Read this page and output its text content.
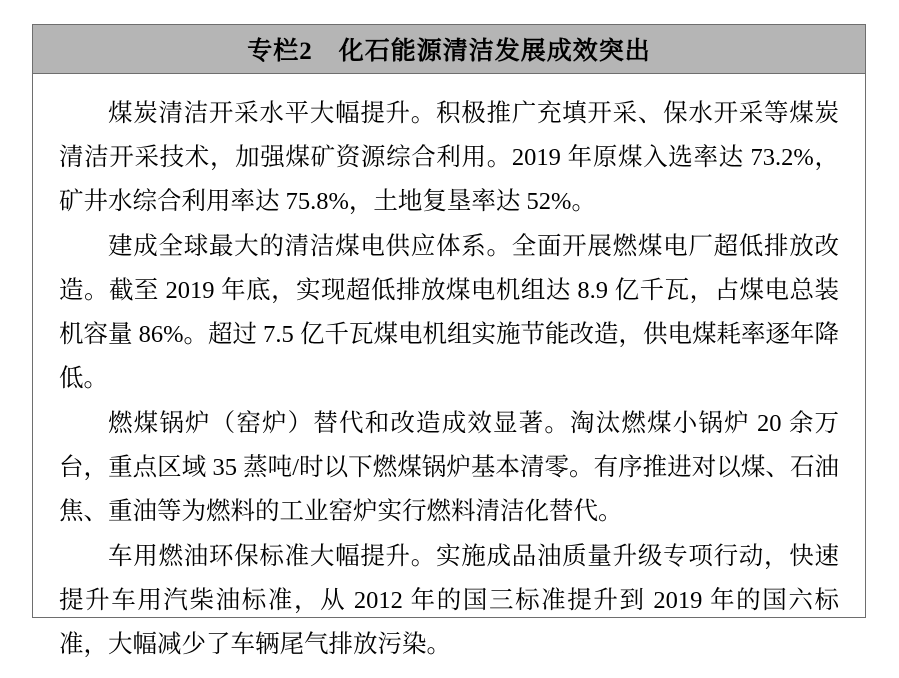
专栏2 化石能源清洁发展成效突出

煤炭清洁开采水平大幅提升。积极推广充填开采、保水开采等煤炭清洁开采技术，加强煤矿资源综合利用。2019 年原煤入选率达 73.2%，矿井水综合利用率达 75.8%，土地复垦率达 52%。

建成全球最大的清洁煤电供应体系。全面开展燃煤电厂超低排放改造。截至 2019 年底，实现超低排放煤电机组达 8.9 亿千瓦，占煤电总装机容量 86%。超过 7.5 亿千瓦煤电机组实施节能改造，供电煤耗率逐年降低。

燃煤锅炉（窑炉）替代和改造成效显著。淘汰燃煤小锅炉 20 余万台，重点区域 35 蒸吨/时以下燃煤锅炉基本清零。有序推进对以煤、石油焦、重油等为燃料的工业窑炉实行燃料清洁化替代。

车用燃油环保标准大幅提升。实施成品油质量升级专项行动，快速提升车用汽柴油标准，从 2012 年的国三标准提升到 2019 年的国六标准，大幅减少了车辆尾气排放污染。
